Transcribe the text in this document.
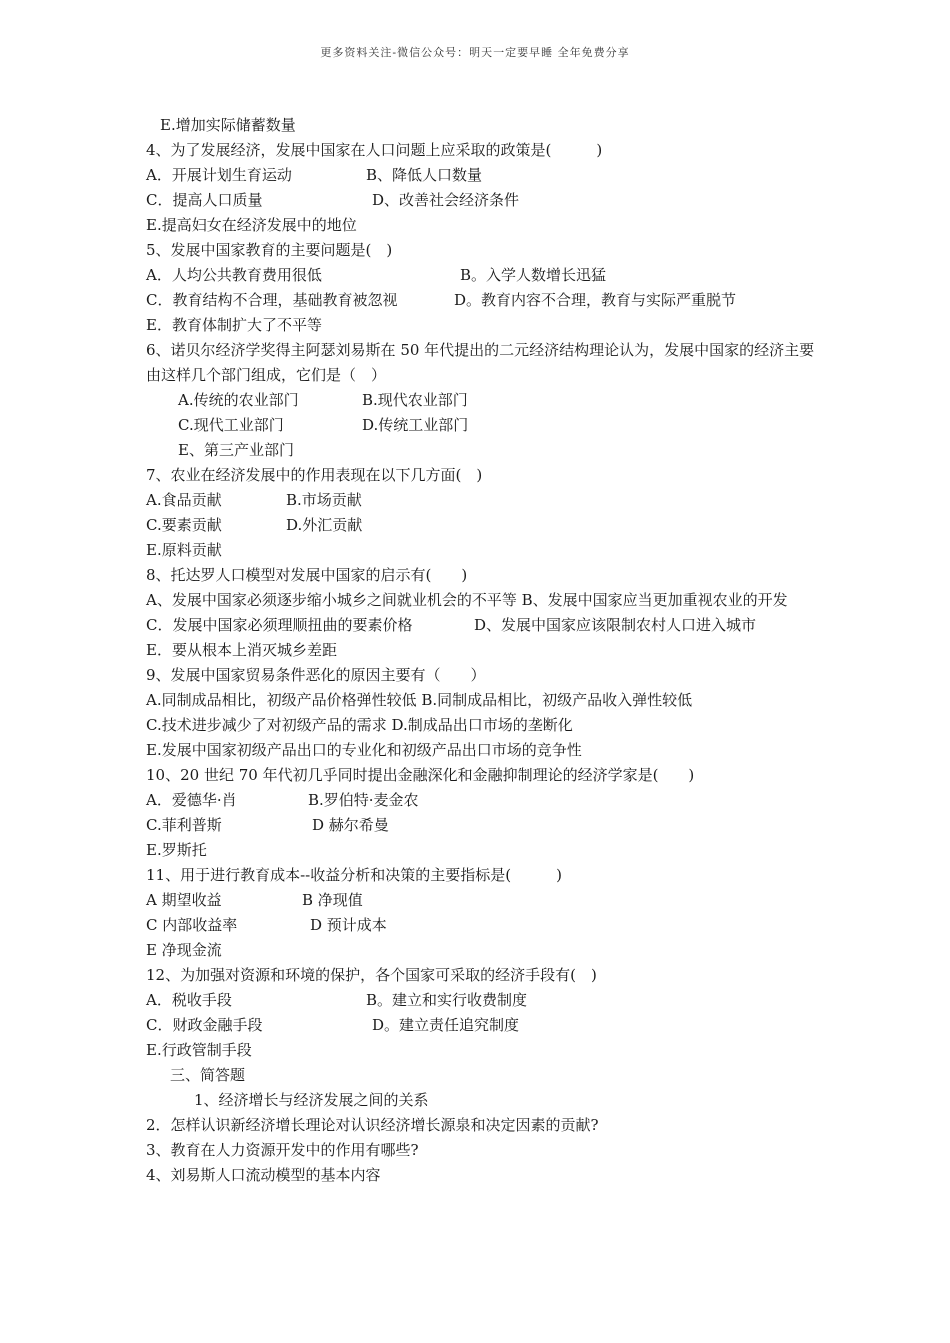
更多资料关注-微信公众号：明天一定要早睡 全年免费分享
E.增加实际储蓄数量
4、为了发展经济，发展中国家在人口问题上应采取的政策是(　　　)
A．开展计划生育运动	B、降低人口数量
C．提高人口质量	D、改善社会经济条件
E.提高妇女在经济发展中的地位
5、发展中国家教育的主要问题是(　)
A．人均公共教育费用很低	B。入学人数增长迅猛
C．教育结构不合理，基础教育被忽视	D。教育内容不合理，教育与实际严重脱节
E．教育体制扩大了不平等
6、诺贝尔经济学奖得主阿瑟刘易斯在 50 年代提出的二元经济结构理论认为，发展中国家的经济主要由这样几个部门组成，它们是（　）
A.传统的农业部门	B.现代农业部门
C.现代工业部门	D.传统工业部门
E、第三产业部门
7、农业在经济发展中的作用表现在以下几方面(　)
A.食品贡献	B.市场贡献
C.要素贡献	D.外汇贡献
E.原料贡献
8、托达罗人口模型对发展中国家的启示有(　　)
A、发展中国家必须逐步缩小城乡之间就业机会的不平等 B、发展中国家应当更加重视农业的开发
C．发展中国家必须理顺扭曲的要素价格	D、发展中国家应该限制农村人口进入城市
E．要从根本上消灭城乡差距
9、发展中国家贸易条件恶化的原因主要有（　　）
A.同制成品相比，初级产品价格弹性较低 B.同制成品相比，初级产品收入弹性较低
C.技术进步减少了对初级产品的需求 D.制成品出口市场的垄断化
E.发展中国家初级产品出口的专业化和初级产品出口市场的竞争性
10、20 世纪 70 年代初几乎同时提出金融深化和金融抑制理论的经济学家是(　　)
A．爱德华·肖	B.罗伯特·麦金农
C.菲利普斯	D 赫尔希曼
E.罗斯托
11、用于进行教育成本--收益分析和决策的主要指标是(　　　)
A 期望收益	B 净现值
C 内部收益率	D 预计成本
E 净现金流
12、为加强对资源和环境的保护，各个国家可采取的经济手段有(　)
A．税收手段	B。建立和实行收费制度
C．财政金融手段	D。建立责任追究制度
E.行政管制手段
三、简答题
1、经济增长与经济发展之间的关系
2．怎样认识新经济增长理论对认识经济增长源泉和决定因素的贡献?
3、教育在人力资源开发中的作用有哪些?
4、刘易斯人口流动模型的基本内容
